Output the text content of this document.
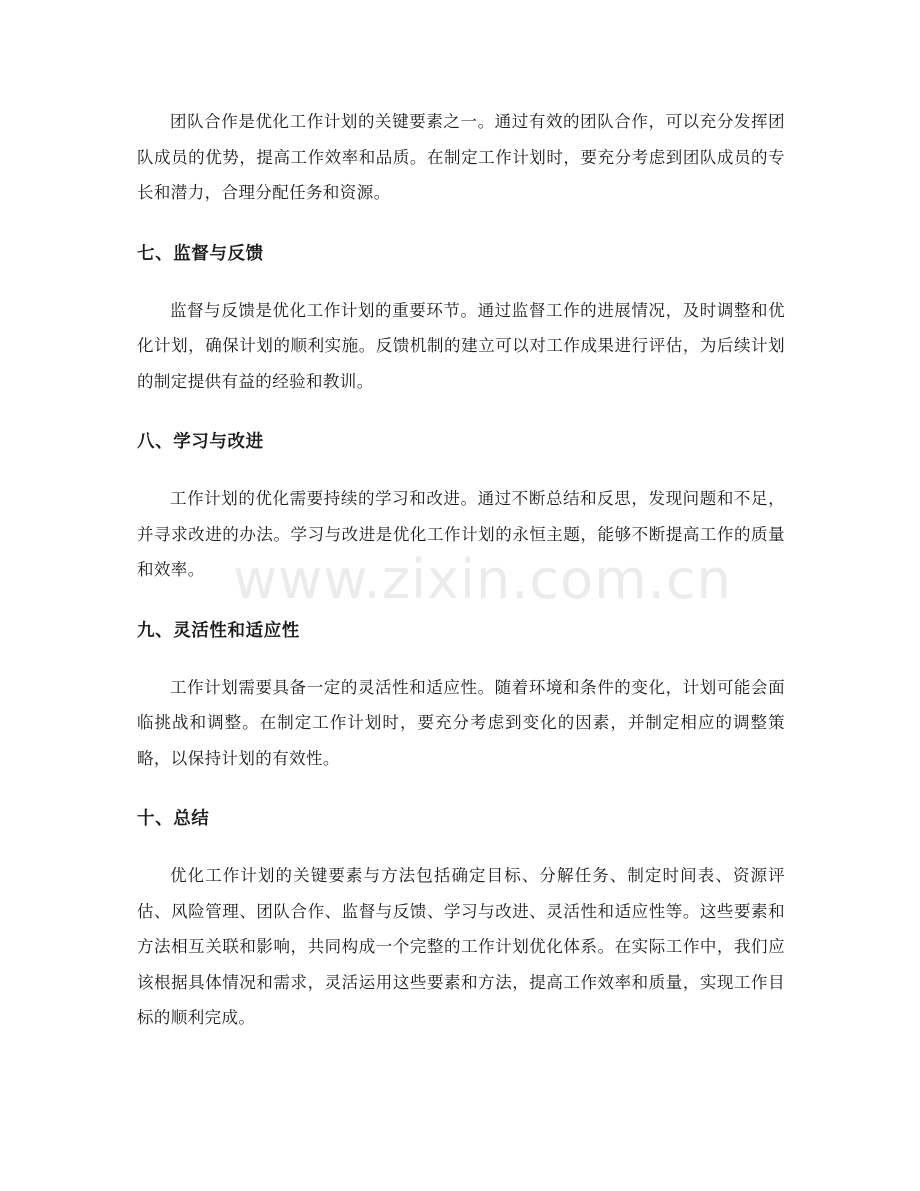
团队合作是优化工作计划的关键要素之一。通过有效的团队合作，可以充分发挥团队成员的优势，提高工作效率和品质。在制定工作计划时，要充分考虑到团队成员的专长和潜力，合理分配任务和资源。

七、监督与反馈

监督与反馈是优化工作计划的重要环节。通过监督工作的进展情况，及时调整和优化计划，确保计划的顺利实施。反馈机制的建立可以对工作成果进行评估，为后续计划的制定提供有益的经验和教训。

八、学习与改进

工作计划的优化需要持续的学习和改进。通过不断总结和反思，发现问题和不足，并寻求改进的办法。学习与改进是优化工作计划的永恒主题，能够不断提高工作的质量和效率。

九、灵活性和适应性

工作计划需要具备一定的灵活性和适应性。随着环境和条件的变化，计划可能会面临挑战和调整。在制定工作计划时，要充分考虑到变化的因素，并制定相应的调整策略，以保持计划的有效性。

十、总结

优化工作计划的关键要素与方法包括确定目标、分解任务、制定时间表、资源评估、风险管理、团队合作、监督与反馈、学习与改进、灵活性和适应性等。这些要素和方法相互关联和影响，共同构成一个完整的工作计划优化体系。在实际工作中，我们应该根据具体情况和需求，灵活运用这些要素和方法，提高工作效率和质量，实现工作目标的顺利完成。

www.zixin.com.cn
